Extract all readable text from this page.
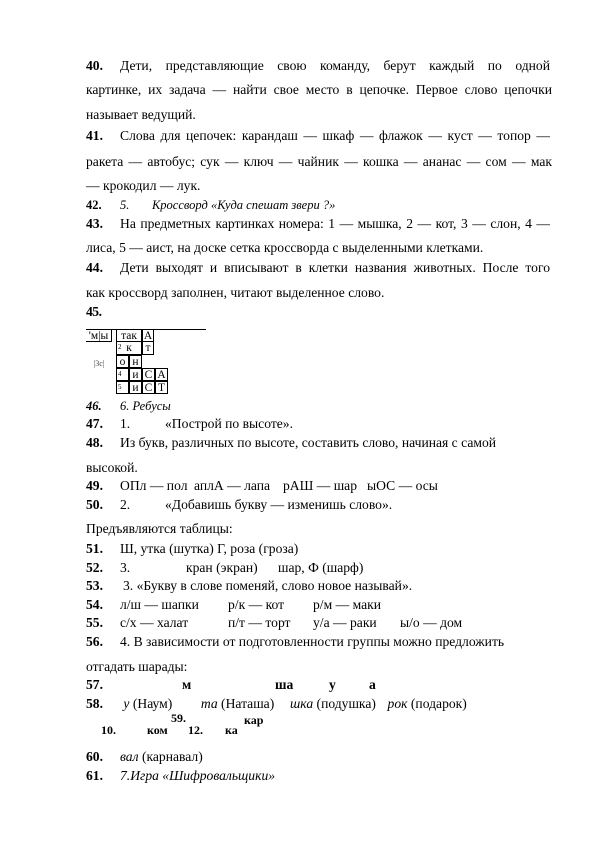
40. Дети, представляющие свою команду, берут каждый по одной
картинке, их задача — найти свое место в цепочке. Первое слово цепочки
называет ведущий.
41. Слова для цепочек: карандаш — шкаф — флажок — куст — топор —
ракета — автобус; сук — ключ — чайник — кошка — ананас — сом — мак
— крокодил — лук.
42. 5. Кроссворд «Куда спешат звери ?»
43. На предметных картинках номера: 1 — мышка, 2 — кот, 3 — слон, 4 —
лиса, 5 — аист, на доске сетка кроссворда с выделенными клетками.
44. Дети выходят и вписывают в клетки названия животных. После того
как кроссворд заполнен, читают выделенное слово.
45.
'м|ы	так А
2 к	т
|3с|	о н
4 и С А
5 и С Т
46. 6. Ребусы
47. 1.	«Построй по высоте».
48. Из букв, различных по высоте, составить слово, начиная с самой
высокой.
49. ОПл — пол аплА — лапа рАШ — шар ыОС — осы
50. 2.	«Добавишь букву — изменишь слово».
Предъявляются таблицы:
51. Ш, утка (шутка) Г, роза (гроза)
52. 3.	кран (экран) шар, Ф (шарф)
53. 3. «Букву в слове поменяй, слово новое называй».
54. л/ш — шапки р/к — кот р/м — маки
55. с/х — халат	п/т — торт у/а — раки ы/о — дом
56. 4. В зависимости от подготовленности группы можно предложить
отгадать шарады:
57.	м	ша	у а
58. у (Наум) та (Наташа) шка (подушка) рок (подарок)
59.	кар
10.	ком 12. ка
60. вал (карнавал)
61. 7.Игра «Шифровальщики»
